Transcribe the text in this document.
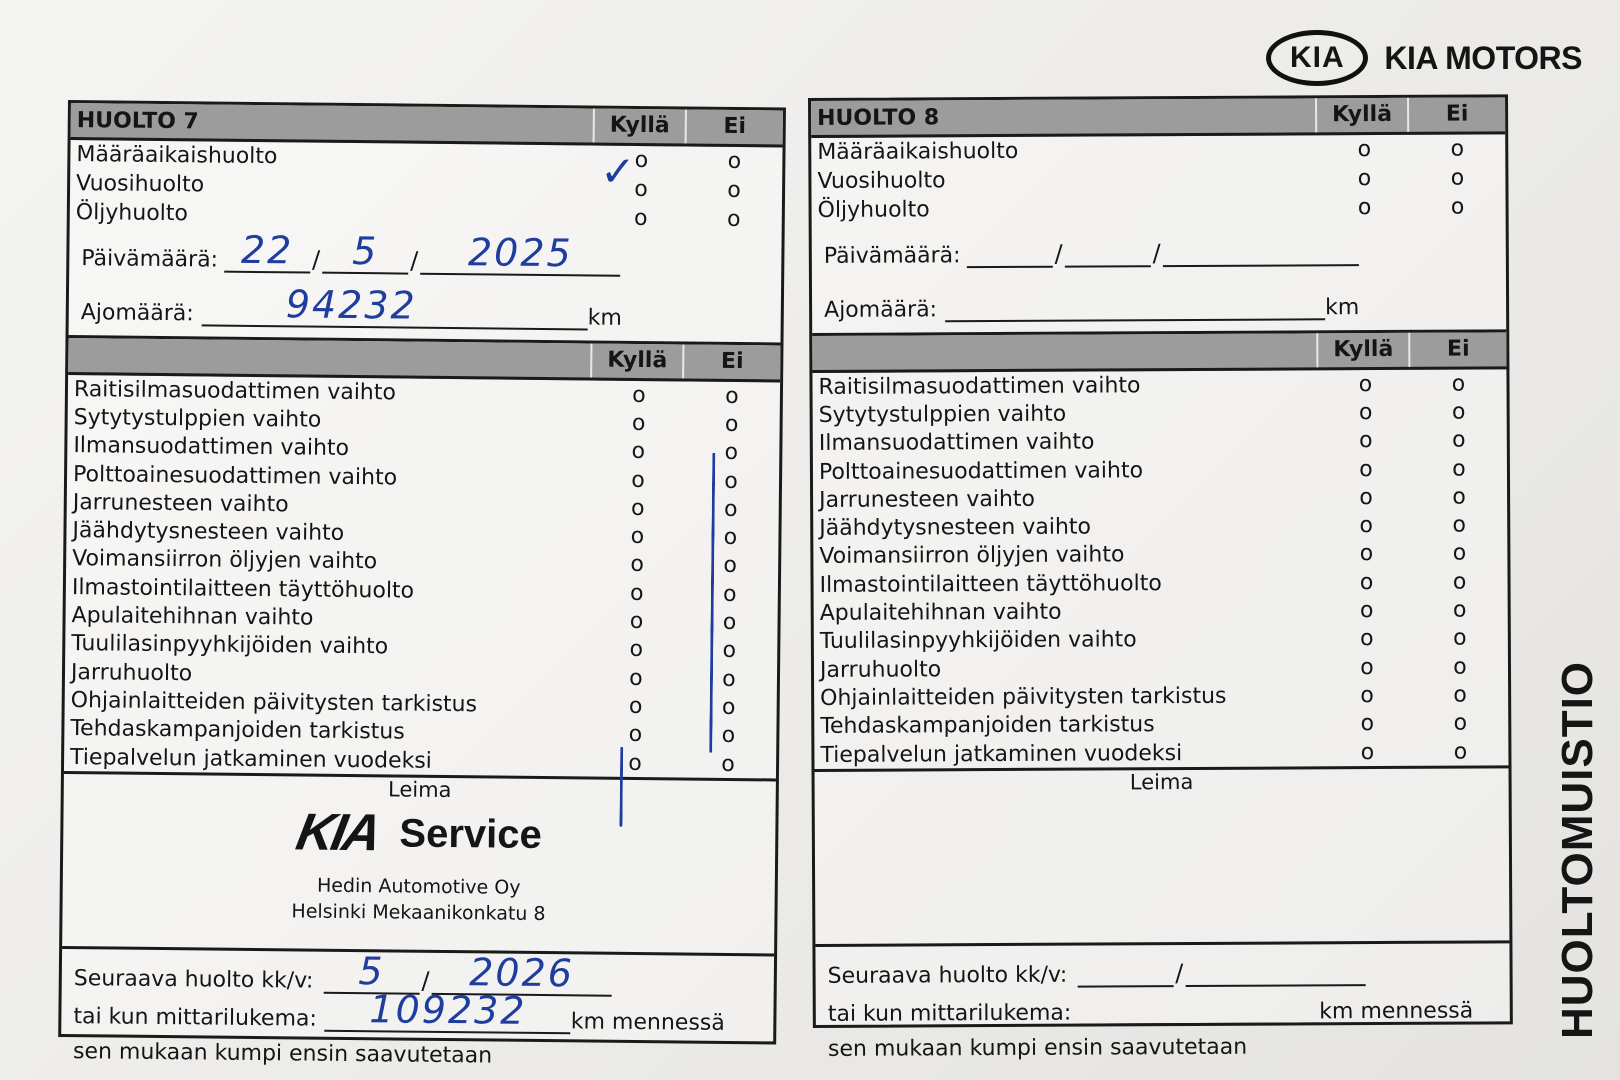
KIA	KIA MOTORS
HUOLTOMUISTIO
HUOLTO 7	Kyllä	Ei
Määräaikaishuolto	o	o
Vuosihuolto	o	o
Öljyhuolto	o	o
Päivämäärä: 22 / 5	/	2025
Ajomäärä:	94232	km
Kyllä	Ei
Raitisilmasuodattimen vaihto	o	o
Sytytystulppien vaihto	o	o
Ilmansuodattimen vaihto	o	o
Polttoainesuodattimen vaihto	o	o
Jarrunesteen vaihto	o	o
Jäähdytysnesteen vaihto	o	o
Voimansiirron öljyjen vaihto	o	o
Ilmastointilaitteen täyttöhuolto	o	o
Apulaitehihnan vaihto	o	o
Tuulilasinpyyhkijöiden vaihto	o	o
Jarruhuolto	o	o
Ohjainlaitteiden päivitysten tarkistus	o	o
Tehdaskampanjoiden tarkistus	o	o
Tiepalvelun jatkaminen vuodeksi	o	o
Leima
KIA Service
Hedin Automotive Oy
Helsinki Mekaanikonkatu 8
Seuraava huolto kk/v:	5	/	2026
tai kun mittarilukema:	109232	km mennessä
sen mukaan kumpi ensin saavutetaan
✓
HUOLTO 8	Kyllä	Ei
Määräaikaishuolto	o	o
Vuosihuolto	o	o
Öljyhuolto	o	o
Päivämäärä:	/	/
Ajomäärä:	km
Kyllä	Ei
Raitisilmasuodattimen vaihto	o	o
Sytytystulppien vaihto	o	o
Ilmansuodattimen vaihto	o	o
Polttoainesuodattimen vaihto	o	o
Jarrunesteen vaihto	o	o
Jäähdytysnesteen vaihto	o	o
Voimansiirron öljyjen vaihto	o	o
Ilmastointilaitteen täyttöhuolto	o	o
Apulaitehihnan vaihto	o	o
Tuulilasinpyyhkijöiden vaihto	o	o
Jarruhuolto	o	o
Ohjainlaitteiden päivitysten tarkistus	o	o
Tehdaskampanjoiden tarkistus	o	o
Tiepalvelun jatkaminen vuodeksi	o	o
Leima
Seuraava huolto kk/v:	/
tai kun mittarilukema:	km mennessä
sen mukaan kumpi ensin saavutetaan
